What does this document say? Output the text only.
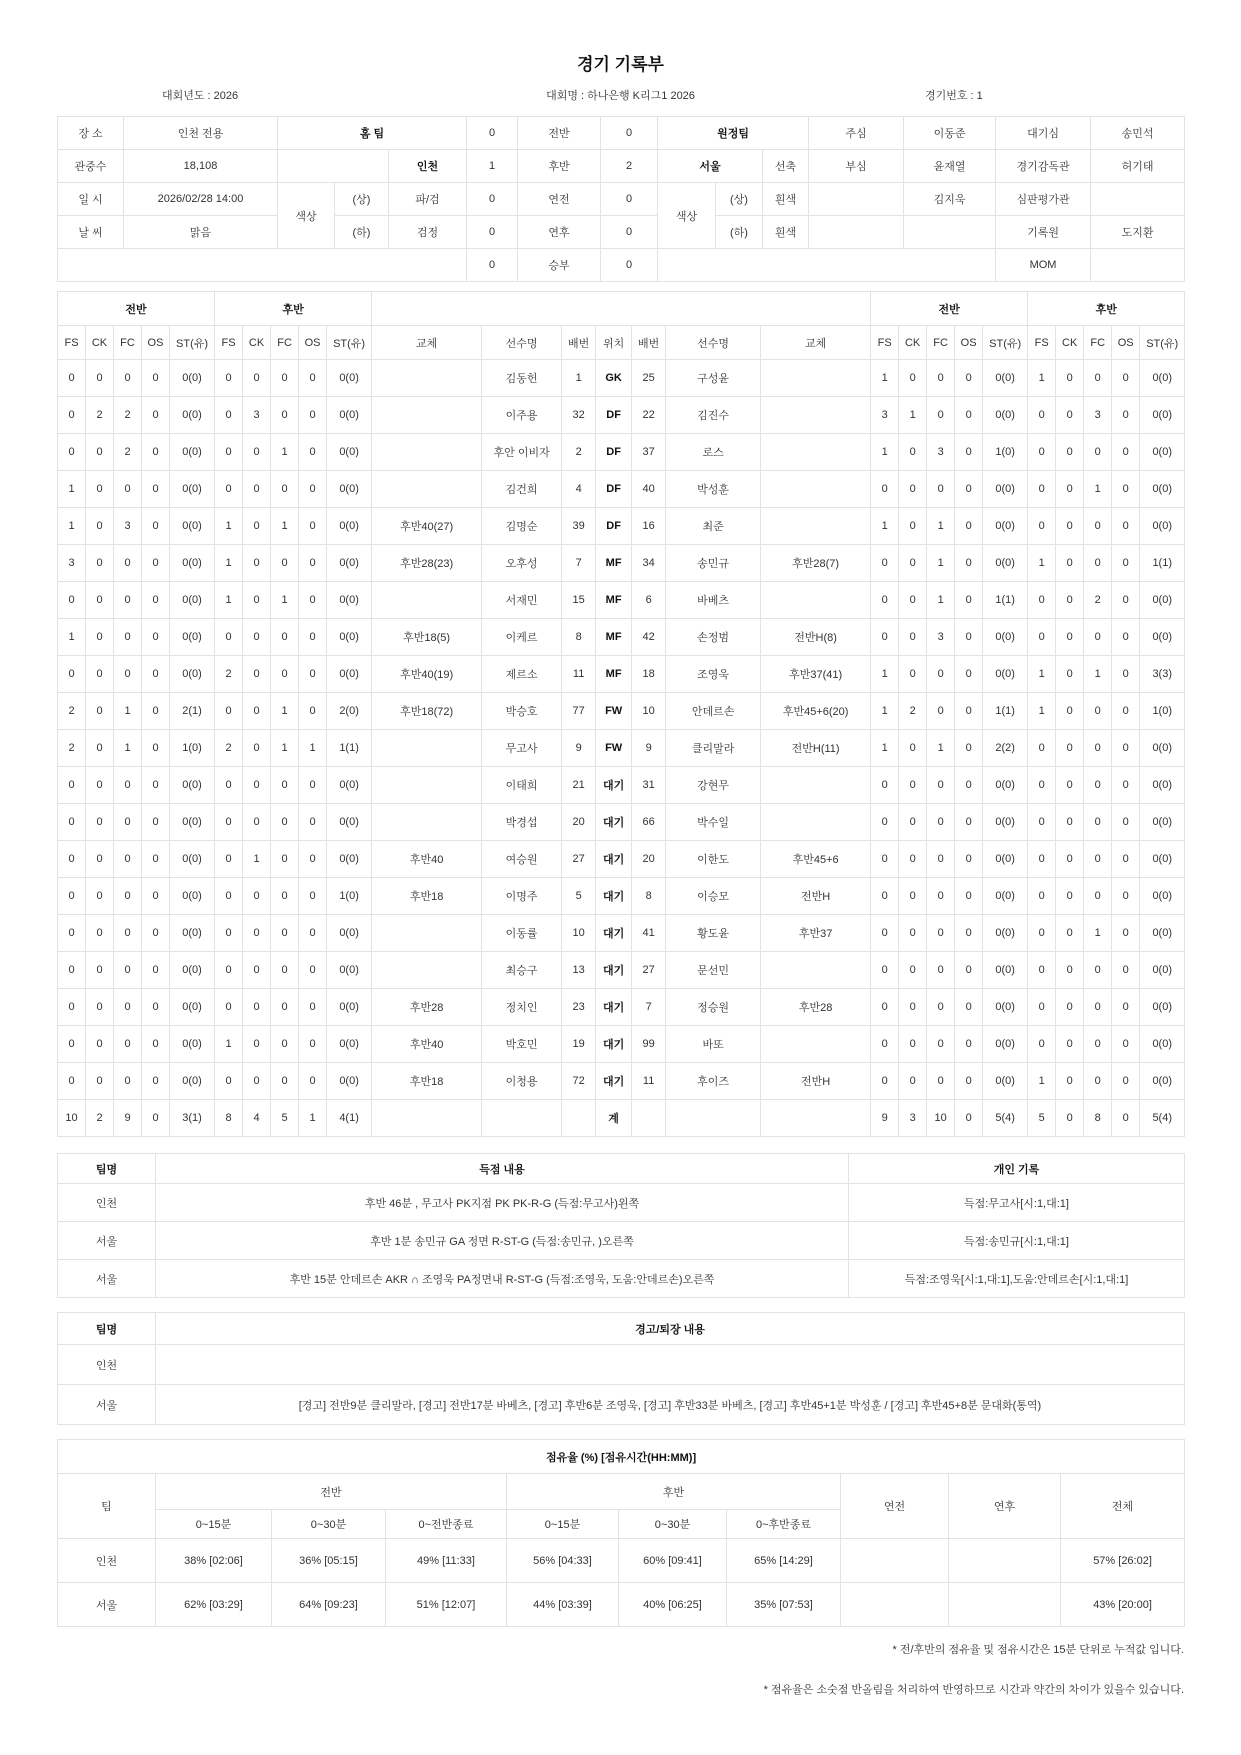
경기 기록부
대회년도 : 2026	대회명 : 하나은행 K리그1 2026	경기번호 : 1
장 소	인천 전용	홈 팀			0	전반	0	원정팀			주심	이동준	대기심	송민석
관중수	18,108			인천	1	후반	2	서울		선축	부심	윤재열	경기감독관	허기태
일 시	2026/02/28 14:00	색상	(상)	파/검	0	연전	0	색상	(상)	흰색		김지욱	심판평가관	
날 씨	맑음		(하)	검정	0	연후	0		(하)	흰색			기록원	도지환
					0	승부	0						MOM	
전반					후반												전반					후반				
FS	CK	FC	OS	ST(유)	FS	CK	FC	OS	ST(유)	교체	선수명	배번	위치	배번	선수명	교체	FS	CK	FC	OS	ST(유)	FS	CK	FC	OS	ST(유)
0	0	0	0	0(0)	0	0	0	0	0(0)		김동헌	1	GK	25	구성윤		1	0	0	0	0(0)	1	0	0	0	0(0)
0	2	2	0	0(0)	0	3	0	0	0(0)		이주용	32	DF	22	김진수		3	1	0	0	0(0)	0	0	3	0	0(0)
0	0	2	0	0(0)	0	0	1	0	0(0)		후안 이비자	2	DF	37	로스		1	0	3	0	1(0)	0	0	0	0	0(0)
1	0	0	0	0(0)	0	0	0	0	0(0)		김건희	4	DF	40	박성훈		0	0	0	0	0(0)	0	0	1	0	0(0)
1	0	3	0	0(0)	1	0	1	0	0(0)	후반40(27)	김명순	39	DF	16	최준		1	0	1	0	0(0)	0	0	0	0	0(0)
3	0	0	0	0(0)	1	0	0	0	0(0)	후반28(23)	오후성	7	MF	34	송민규	후반28(7)	0	0	1	0	0(0)	1	0	0	0	1(1)
0	0	0	0	0(0)	1	0	1	0	0(0)		서재민	15	MF	6	바베츠		0	0	1	0	1(1)	0	0	2	0	0(0)
1	0	0	0	0(0)	0	0	0	0	0(0)	후반18(5)	이케르	8	MF	42	손정범	전반H(8)	0	0	3	0	0(0)	0	0	0	0	0(0)
0	0	0	0	0(0)	2	0	0	0	0(0)	후반40(19)	제르소	11	MF	18	조영욱	후반37(41)	1	0	0	0	0(0)	1	0	1	0	3(3)
2	0	1	0	2(1)	0	0	1	0	2(0)	후반18(72)	박승호	77	FW	10	안데르손	후반45+6(20)	1	2	0	0	1(1)	1	0	0	0	1(0)
2	0	1	0	1(0)	2	0	1	1	1(1)		무고사	9	FW	9	클리말라	전반H(11)	1	0	1	0	2(2)	0	0	0	0	0(0)
0	0	0	0	0(0)	0	0	0	0	0(0)		이태희	21	대기	31	강현무		0	0	0	0	0(0)	0	0	0	0	0(0)
0	0	0	0	0(0)	0	0	0	0	0(0)		박경섭	20	대기	66	박수일		0	0	0	0	0(0)	0	0	0	0	0(0)
0	0	0	0	0(0)	0	1	0	0	0(0)	후반40	여승원	27	대기	20	이한도	후반45+6	0	0	0	0	0(0)	0	0	0	0	0(0)
0	0	0	0	0(0)	0	0	0	0	1(0)	후반18	이명주	5	대기	8	이승모	전반H	0	0	0	0	0(0)	0	0	0	0	0(0)
0	0	0	0	0(0)	0	0	0	0	0(0)		이동률	10	대기	41	황도윤	후반37	0	0	0	0	0(0)	0	0	1	0	0(0)
0	0	0	0	0(0)	0	0	0	0	0(0)		최승구	13	대기	27	문선민		0	0	0	0	0(0)	0	0	0	0	0(0)
0	0	0	0	0(0)	0	0	0	0	0(0)	후반28	정치인	23	대기	7	정승원	후반28	0	0	0	0	0(0)	0	0	0	0	0(0)
0	0	0	0	0(0)	1	0	0	0	0(0)	후반40	박호민	19	대기	99	바또		0	0	0	0	0(0)	0	0	0	0	0(0)
0	0	0	0	0(0)	0	0	0	0	0(0)	후반18	이청용	72	대기	11	후이즈	전반H	0	0	0	0	0(0)	1	0	0	0	0(0)
10	2	9	0	3(1)	8	4	5	1	4(1)				계				9	3	10	0	5(4)	5	0	8	0	5(4)
팀명	득점 내용	개인 기록
인천	후반 46분 , 무고사 PK지점 PK PK-R-G (득점:무고사)왼쪽	득점:무고사[시:1,대:1]
서울	후반 1분 송민규 GA 정면 R-ST-G (득점:송민규, )오른쪽	득점:송민규[시:1,대:1]
서울	후반 15분 안데르손 AKR ∩ 조영욱 PA정면내 R-ST-G (득점:조영욱, 도움:안데르손)오른쪽	득점:조영욱[시:1,대:1],도움:안데르손[시:1,대:1]
팀명	경고/퇴장 내용
인천	
서울	[경고] 전반9분 클리말라, [경고] 전반17분 바베츠, [경고] 후반6분 조영욱, [경고] 후반33분 바베츠, [경고] 후반45+1분 박성훈 / [경고] 후반45+8분 문대화(통역)
점유율 (%) [점유시간(HH:MM)]									
팀	전반			후반			연전	연후	전체
	0~15분	0~30분	0~전반종료	0~15분	0~30분	0~후반종료			
인천	38% [02:06]	36% [05:15]	49% [11:33]	56% [04:33]	60% [09:41]	65% [14:29]			57% [26:02]
서울	62% [03:29]	64% [09:23]	51% [12:07]	44% [03:39]	40% [06:25]	35% [07:53]			43% [20:00]
* 전/후반의 점유율 및 점유시간은 15분 단위로 누적값 입니다.
* 점유율은 소숫점 반올림을 처리하여 반영하므로 시간과 약간의 차이가 있을수 있습니다.
